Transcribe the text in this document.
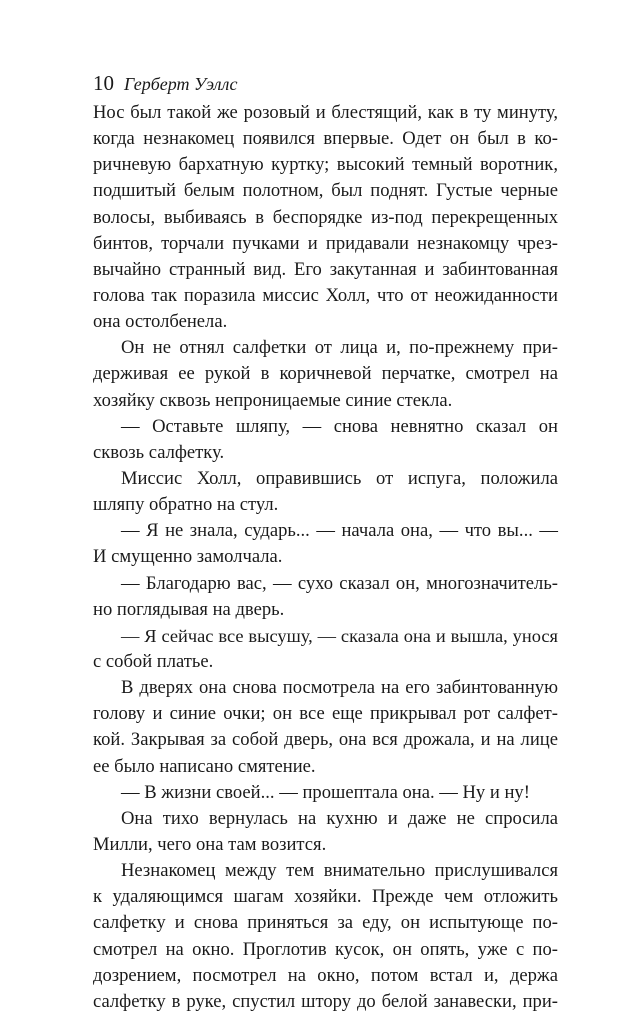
10 Герберт Уэллс
Нос был такой же розовый и блестящий, как в ту минуту,
когда незнакомец появился впервые. Одет он был в ко-
ричневую бархатную куртку; высокий темный воротник,
подшитый белым полотном, был поднят. Густые черные
волосы, выбиваясь в беспорядке из-под перекрещенных
бинтов, торчали пучками и придавали незнакомцу чрез-
вычайно странный вид. Его закутанная и забинтованная
голова так поразила миссис Холл, что от неожиданности
она остолбенела.
Он не отнял салфетки от лица и, по-прежнему при-
держивая ее рукой в коричневой перчатке, смотрел на
хозяйку сквозь непроницаемые синие стекла.
— Оставьте шляпу, — снова невнятно сказал он
сквозь салфетку.
Миссис Холл, оправившись от испуга, положила
шляпу обратно на стул.
— Я не знала, сударь... — начала она, — что вы... —
И смущенно замолчала.
— Благодарю вас, — сухо сказал он, многозначитель-
но поглядывая на дверь.
— Я сейчас все высушу, — сказала она и вышла, унося
с собой платье.
В дверях она снова посмотрела на его забинтованную
голову и синие очки; он все еще прикрывал рот салфет-
кой. Закрывая за собой дверь, она вся дрожала, и на лице
ее было написано смятение.
— В жизни своей... — прошептала она. — Ну и ну!
Она тихо вернулась на кухню и даже не спросила
Милли, чего она там возится.
Незнакомец между тем внимательно прислушивался
к удаляющимся шагам хозяйки. Прежде чем отложить
салфетку и снова приняться за еду, он испытующе по-
смотрел на окно. Проглотив кусок, он опять, уже с по-
дозрением, посмотрел на окно, потом встал и, держа
салфетку в руке, спустил штору до белой занавески, при-
